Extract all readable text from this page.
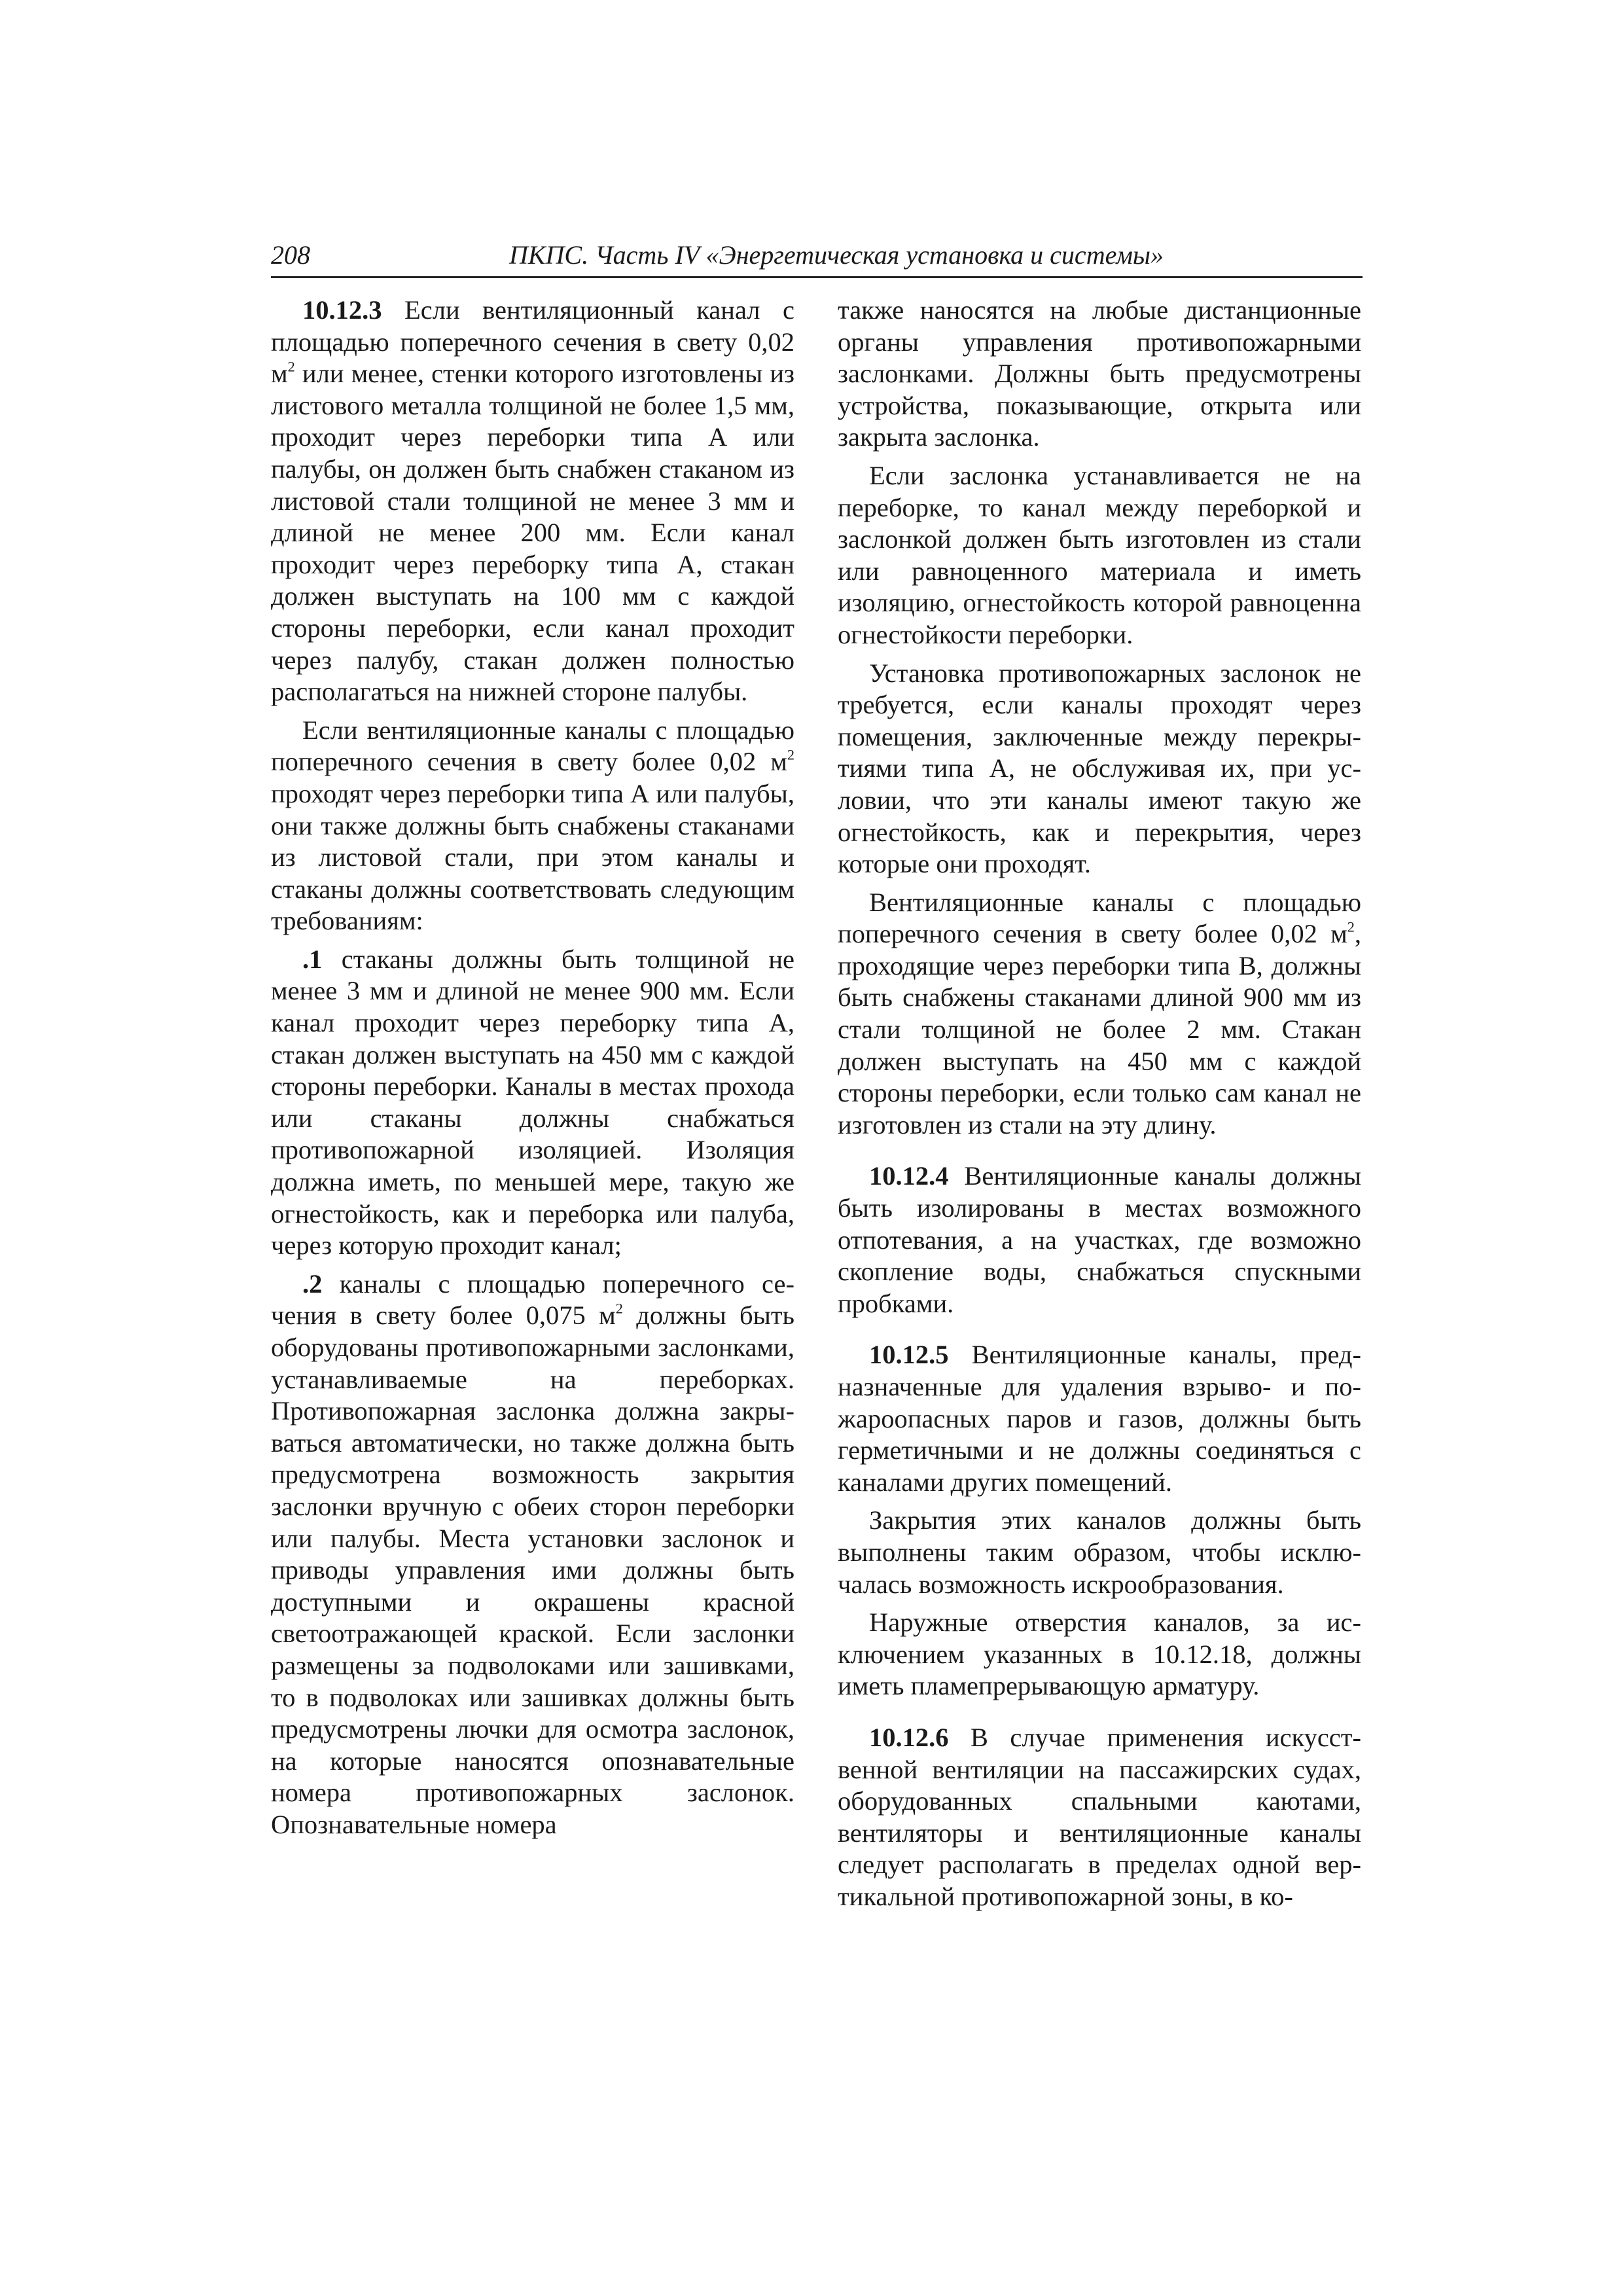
208	ПКПС. Часть IV «Энергетическая установка и системы»

10.12.3 Если вентиляционный канал с площадью поперечного сечения в свету 0,02 $м^2$ или менее, стенки которого изготовлены из листового металла толщиной не более 1,5 мм, проходит через переборки типа А или палубы, он должен быть снабжен стаканом из листовой стали толщиной не менее 3 мм и длиной не менее 200 мм. Если канал проходит через переборку типа А, стакан должен выступать на 100 мм с каждой стороны переборки, если канал проходит через палубу, стакан должен полностью располагаться на нижней стороне палубы.

Если вентиляционные каналы с площадью поперечного сечения в свету более 0,02 $м^2$ проходят через переборки типа А или палубы, они также должны быть снабжены стаканами из листовой стали, при этом каналы и стаканы должны соответствовать следующим требованиям:

.1 стаканы должны быть толщиной не менее 3 мм и длиной не менее 900 мм. Если канал проходит через переборку типа А, стакан должен выступать на 450 мм с каждой стороны переборки. Каналы в местах прохода или стаканы должны снабжаться противопожарной изоляцией. Изоляция должна иметь, по меньшей мере, такую же огнестойкость, как и переборка или палуба, через которую проходит канал;

.2 каналы с площадью поперечного сечения в свету более 0,075 $м^2$ должны быть оборудованы противопожарными заслонками, устанавливаемые на переборках. Противопожарная заслонка должна закрываться автоматически, но также должна быть предусмотрена возможность закрытия заслонки вручную с обеих сторон переборки или палубы. Места установки заслонок и приводы управления ими должны быть доступными и окрашены красной светоотражающей краской. Если заслонки размещены за подволоками или зашивками, то в подволоках или зашивках должны быть предусмотрены лючки для осмотра заслонок, на которые наносятся опознавательные номера противопожарных заслонок. Опознавательные номера

также наносятся на любые дистанционные органы управления противопожарными заслонками. Должны быть предусмотрены устройства, показывающие, открыта или закрыта заслонка.

Если заслонка устанавливается не на переборке, то канал между переборкой и заслонкой должен быть изготовлен из стали или равноценного материала и иметь изоляцию, огнестойкость которой равноценна огнестойкости переборки.

Установка противопожарных заслонок не требуется, если каналы проходят через помещения, заключенные между перекрытиями типа А, не обслуживая их, при условии, что эти каналы имеют такую же огнестойкость, как и перекрытия, через которые они проходят.

Вентиляционные каналы с площадью поперечного сечения в свету более 0,02 $м^2$, проходящие через переборки типа В, должны быть снабжены стаканами длиной 900 мм из стали толщиной не более 2 мм. Стакан должен выступать на 450 мм с каждой стороны переборки, если только сам канал не изготовлен из стали на эту длину.

10.12.4 Вентиляционные каналы должны быть изолированы в местах возможного отпотевания, а на участках, где возможно скопление воды, снабжаться спускными пробками.

10.12.5 Вентиляционные каналы, предназначенные для удаления взрыво- и пожароопасных паров и газов, должны быть герметичными и не должны соединяться с каналами других помещений.

Закрытия этих каналов должны быть выполнены таким образом, чтобы исключалась возможность искрообразования.

Наружные отверстия каналов, за исключением указанных в 10.12.18, должны иметь пламепрерывающую арматуру.

10.12.6 В случае применения искусственной вентиляции на пассажирских судах, оборудованных спальными каютами, вентиляторы и вентиляционные каналы следует располагать в пределах одной вертикальной противопожарной зоны, в ко-
